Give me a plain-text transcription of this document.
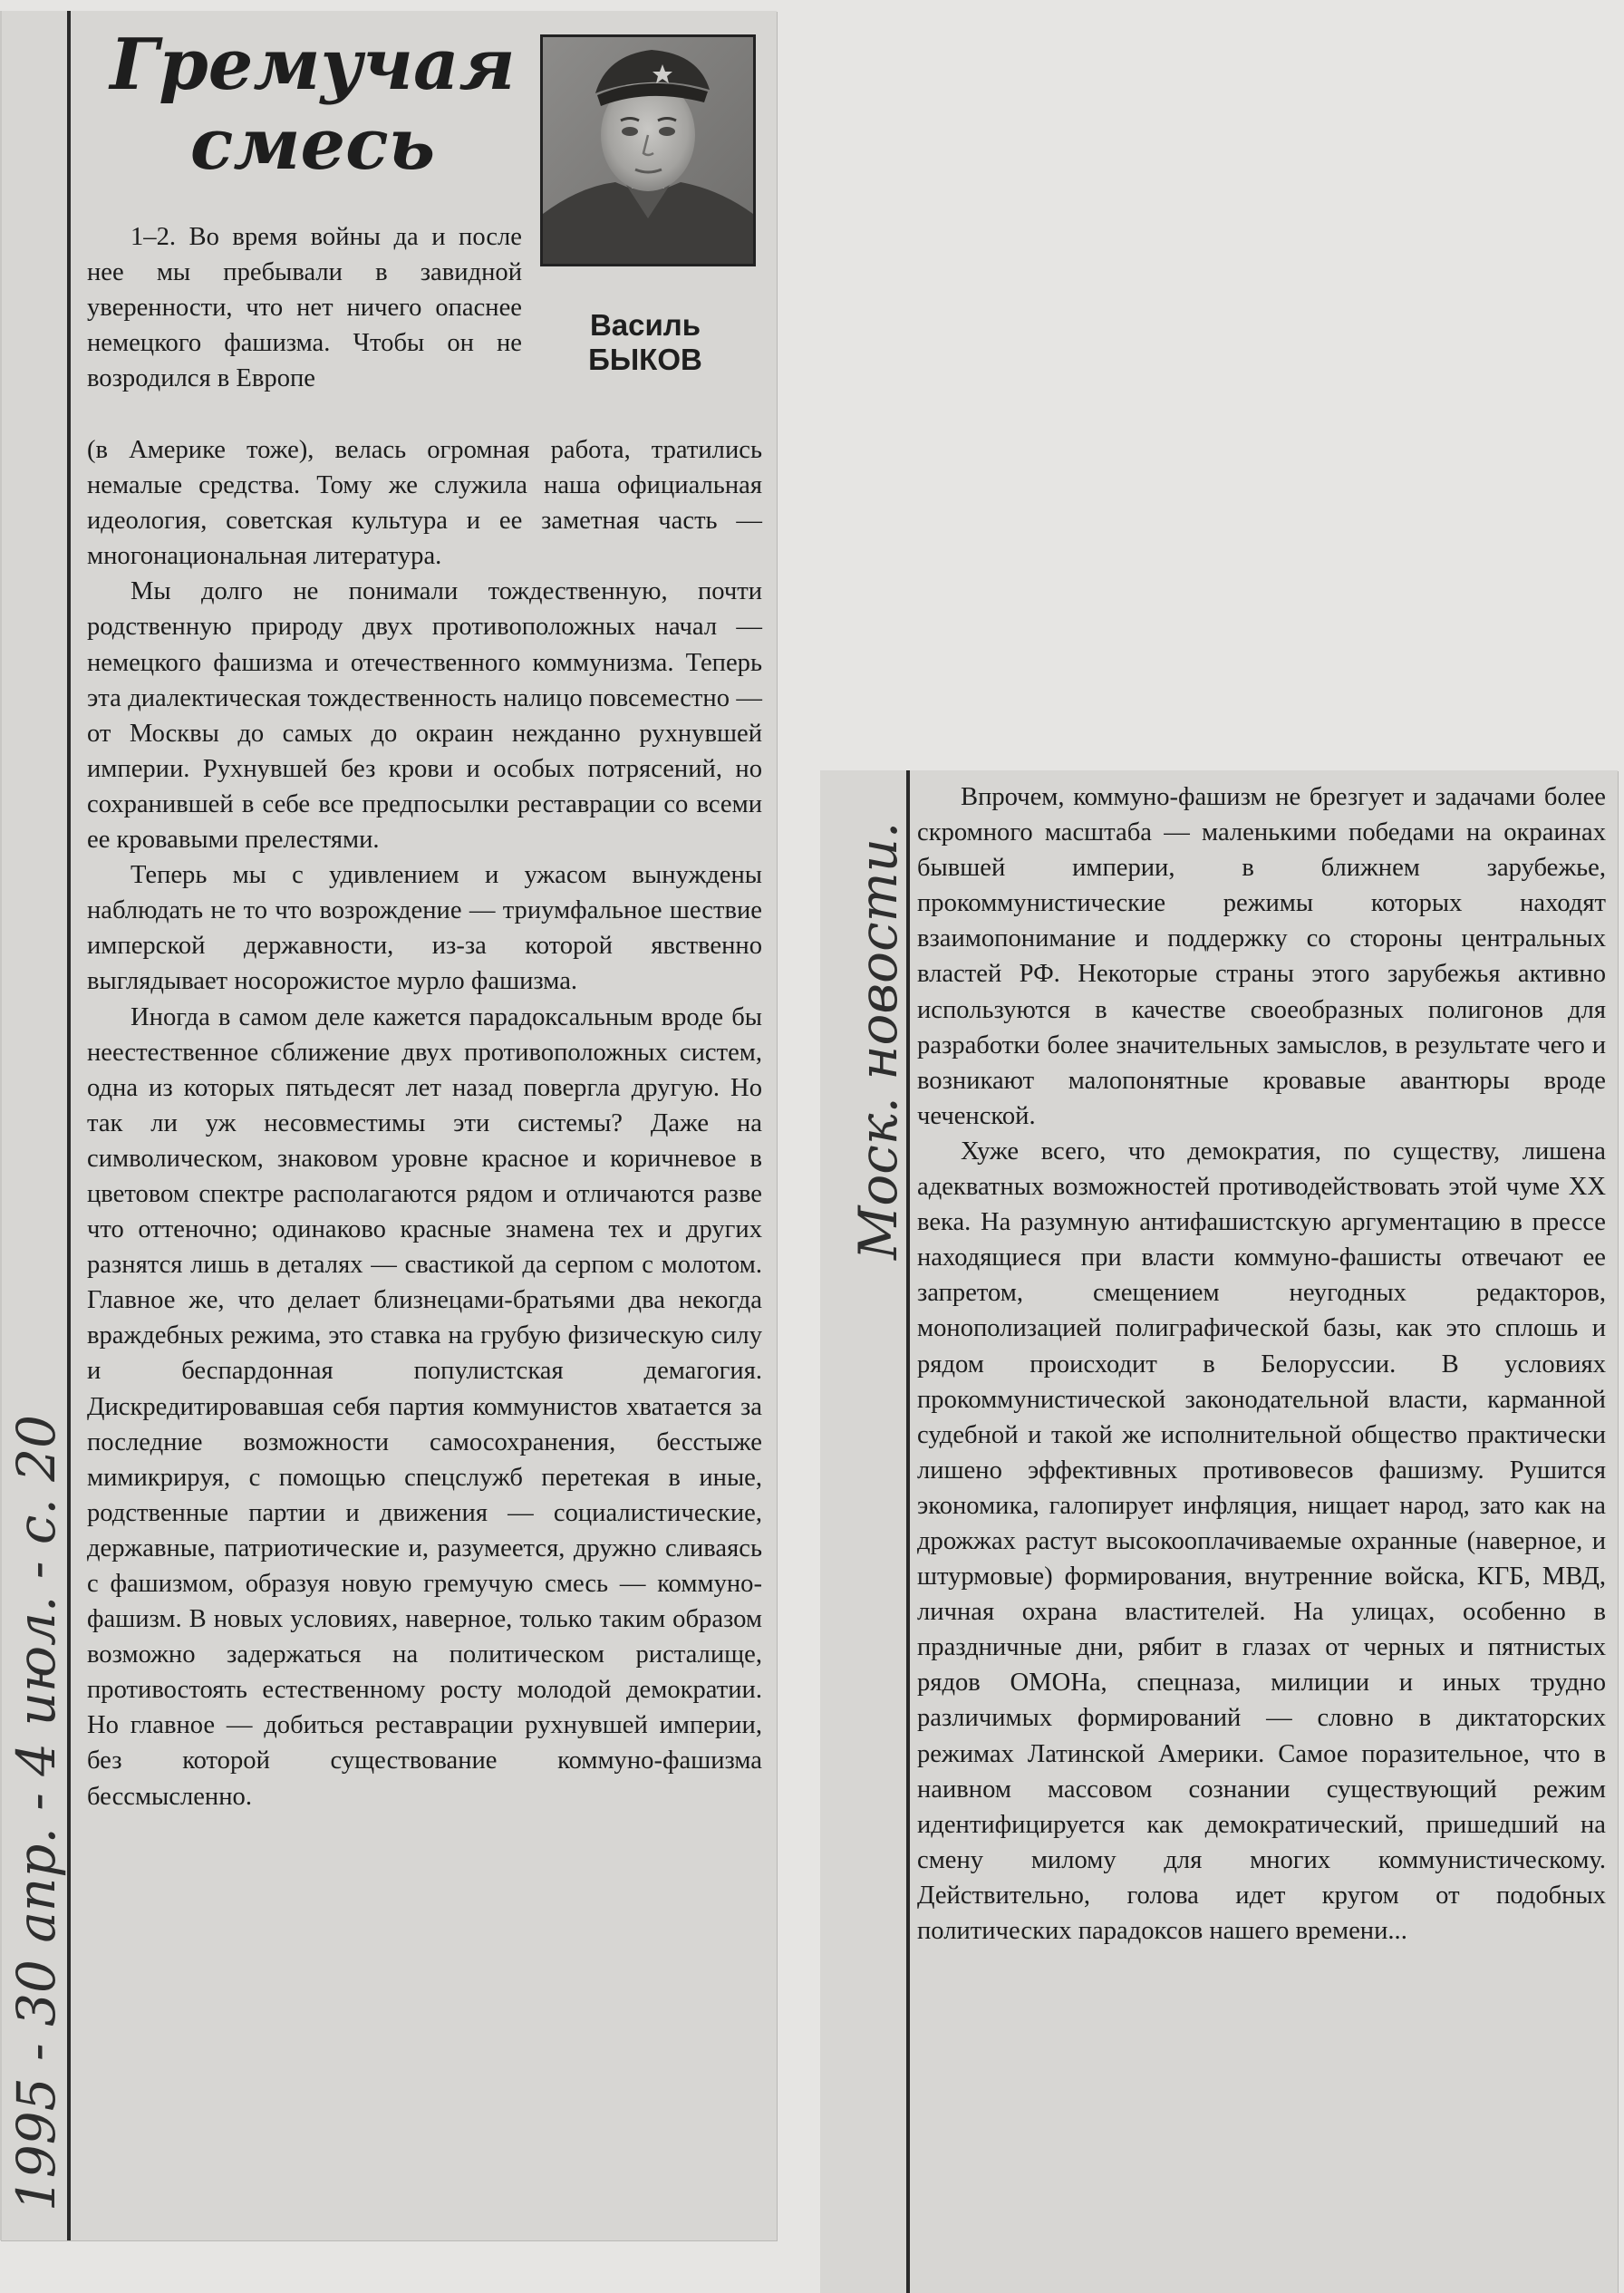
1995 - 30 апр. - 4 июл. - с. 20
Моск. новости.
Гремучая
смесь
Василь
БЫКОВ

1–2. Во время войны да и после нее мы пребывали в завидной уверенности, что нет ничего опаснее немецкого фашизма. Чтобы он не возродился в Европе

(в Америке тоже), велась огромная работа, тратились немалые средства. Тому же служила наша официальная идеология, советская культура и ее заметная часть — многонациональная литература.

Мы долго не понимали тождественную, почти родственную природу двух противоположных начал — немецкого фашизма и отечественного коммунизма. Теперь эта диалектическая тождественность налицо повсеместно — от Москвы до самых до окраин нежданно рухнувшей империи. Рухнувшей без крови и особых потрясений, но сохранившей в себе все предпосылки реставрации со всеми ее кровавыми прелестями.

Теперь мы с удивлением и ужасом вынуждены наблюдать не то что возрождение — триумфальное шествие имперской державности, из-за которой явственно выглядывает носорожистое мурло фашизма.

Иногда в самом деле кажется парадоксальным вроде бы неестественное сближение двух противоположных систем, одна из которых пятьдесят лет назад повергла другую. Но так ли уж несовместимы эти системы? Даже на символическом, знаковом уровне красное и коричневое в цветовом спектре располагаются рядом и отличаются разве что оттеночно; одинаково красные знамена тех и других разнятся лишь в деталях — свастикой да серпом с молотом. Главное же, что делает близнецами-братьями два некогда враждебных режима, это ставка на грубую физическую силу и беспардонная популистская демагогия. Дискредитировавшая себя партия коммунистов хватается за последние возможности самосохранения, бесстыже мимикрируя, с помощью спецслужб перетекая в иные, родственные партии и движения — социалистические, державные, патриотические и, разумеется, дружно сливаясь с фашизмом, образуя новую гремучую смесь — коммуно-фашизм. В новых условиях, наверное, только таким образом возможно задержаться на политическом ристалище, противостоять естественному росту молодой демократии. Но главное — добиться реставрации рухнувшей империи, без которой существование коммуно-фашизма бессмысленно.

Впрочем, коммуно-фашизм не брезгует и задачами более скромного масштаба — маленькими победами на окраинах бывшей империи, в ближнем зарубежье, прокоммунистические режимы которых находят взаимопонимание и поддержку со стороны центральных властей РФ. Некоторые страны этого зарубежья активно используются в качестве своеобразных полигонов для разработки более значительных замыслов, в результате чего и возникают малопонятные кровавые авантюры вроде чеченской.

Хуже всего, что демократия, по существу, лишена адекватных возможностей противодействовать этой чуме XX века. На разумную антифашистскую аргументацию в прессе находящиеся при власти коммуно-фашисты отвечают ее запретом, смещением неугодных редакторов, монополизацией полиграфической базы, как это сплошь и рядом происходит в Белоруссии. В условиях прокоммунистической законодательной власти, карманной судебной и такой же исполнительной общество практически лишено эффективных противовесов фашизму. Рушится экономика, галопирует инфляция, нищает народ, зато как на дрожжах растут высокооплачиваемые охранные (наверное, и штурмовые) формирования, внутренние войска, КГБ, МВД, личная охрана властителей. На улицах, особенно в праздничные дни, рябит в глазах от черных и пятнистых рядов ОМОНа, спецназа, милиции и иных трудно различимых формирований — словно в диктаторских режимах Латинской Америки. Самое поразительное, что в наивном массовом сознании существующий режим идентифицируется как демократический, пришедший на смену милому для многих коммунистическому. Действительно, голова идет кругом от подобных политических парадоксов нашего времени...
